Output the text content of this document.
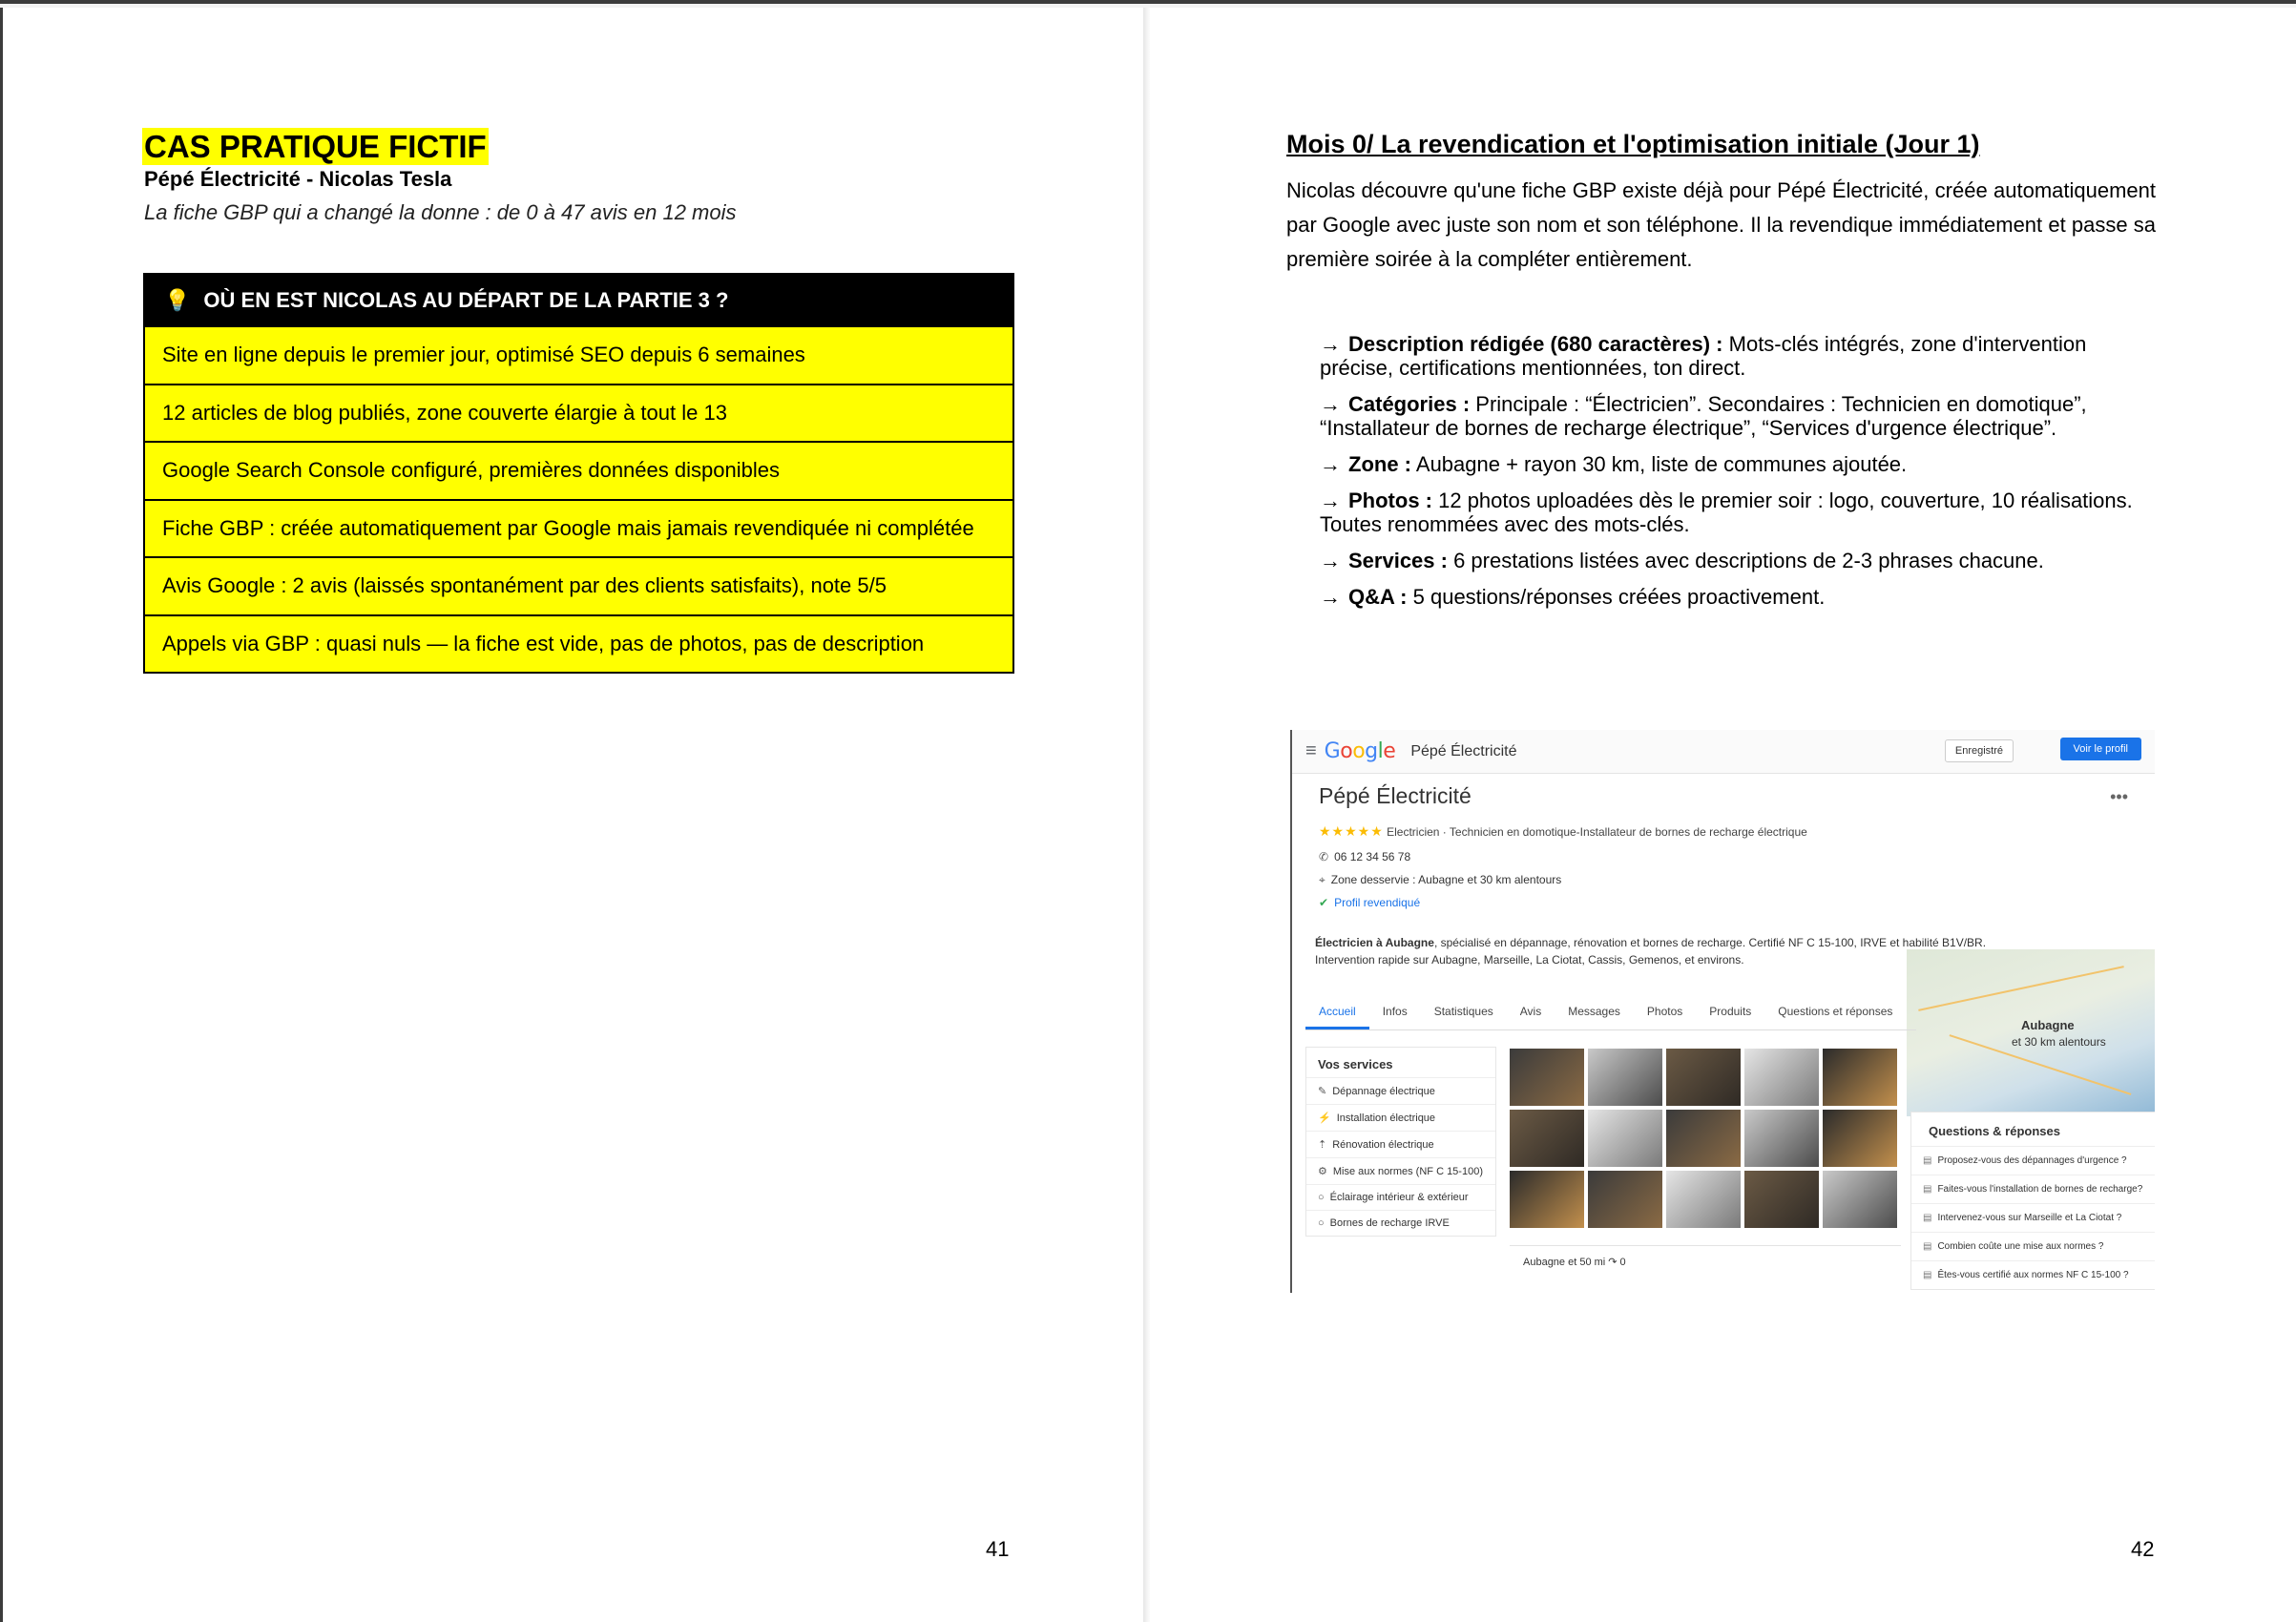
CAS PRATIQUE FICTIF
Pépé Électricité - Nicolas Tesla
La fiche GBP qui a changé la donne : de 0 à 47 avis en 12 mois
💡 OÙ EN EST NICOLAS AU DÉPART DE LA PARTIE 3 ?
Site en ligne depuis le premier jour, optimisé SEO depuis 6 semaines
12 articles de blog publiés, zone couverte élargie à tout le 13
Google Search Console configuré, premières données disponibles
Fiche GBP : créée automatiquement par Google mais jamais revendiquée ni complétée
Avis Google : 2 avis (laissés spontanément par des clients satisfaits), note 5/5
Appels via GBP : quasi nuls — la fiche est vide, pas de photos, pas de description
41
Mois 0/ La revendication et l'optimisation initiale (Jour 1)
Nicolas découvre qu'une fiche GBP existe déjà pour Pépé Électricité, créée automatiquement par Google avec juste son nom et son téléphone. Il la revendique immédiatement et passe sa première soirée à la compléter entièrement.
→ Description rédigée (680 caractères) : Mots-clés intégrés, zone d'intervention précise, certifications mentionnées, ton direct.
→ Catégories : Principale : “Électricien”. Secondaires : Technicien en domotique”, “Installateur de bornes de recharge électrique”, “Services d'urgence électrique”.
→ Zone : Aubagne + rayon 30 km, liste de communes ajoutée.
→ Photos : 12 photos uploadées dès le premier soir : logo, couverture, 10 réalisations. Toutes renommées avec des mots-clés.
→ Services : 6 prestations listées avec descriptions de 2-3 phrases chacune.
→ Q&A : 5 questions/réponses créées proactivement.
≡ Google Pépé Électricité	Enregistré	Voir le profil
Pépé Électricité	•••
★★★★★ Electricien · Technicien en domotique-Installateur de bornes de recharge électrique
✆ 06 12 34 56 78
⌖ Zone desservie : Aubagne et 30 km alentours
✔ Profil revendiqué
Électricien à Aubagne, spécialisé en dépannage, rénovation et bornes de recharge. Certifié NF C 15-100, IRVE et habilité B1V/BR. Intervention rapide sur Aubagne, Marseille, La Ciotat, Cassis, Gemenos, et environs.
Aubagne
et 30 km alentours
Accueil	Infos	Statistiques	Avis	Messages	Photos	Produits	Questions et réponses
Vos services
✎ Dépannage électrique
⚡ Installation électrique
⇡ Rénovation électrique
⚙ Mise aux normes (NF C 15-100)
○ Éclairage intérieur & extérieur
○ Bornes de recharge IRVE
Aubagne et 50 mi ↷ 0
Questions & réponses
▤ Proposez-vous des dépannages d'urgence ?
▤ Faites-vous l'installation de bornes de recharge?
▤ Intervenez-vous sur Marseille et La Ciotat ?
▤ Combien coûte une mise aux normes ?
▤ Êtes-vous certifié aux normes NF C 15-100 ?
42
